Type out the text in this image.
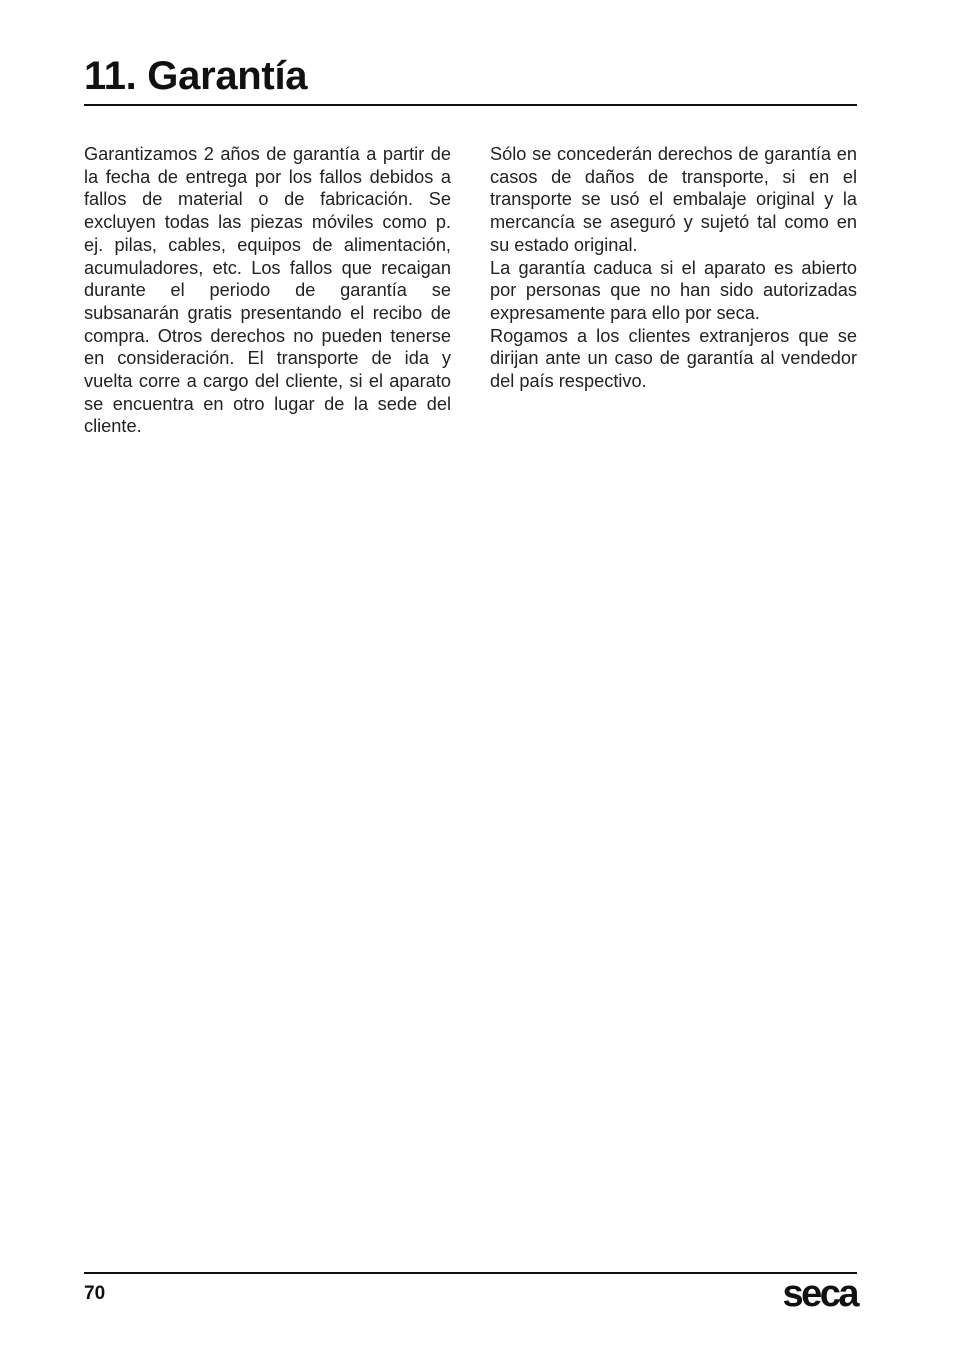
11. Garantía

Garantizamos 2 años de garantía a partir de la fecha de entrega por los fallos debidos a fallos de material o de fabricación. Se excluyen todas las piezas móviles como p. ej. pilas, cables, equipos de alimentación, acumuladores, etc. Los fallos que recaigan durante el periodo de garantía se subsanarán gratis presentando el recibo de compra. Otros derechos no pueden tenerse en consideración. El transporte de ida y vuelta corre a cargo del cliente, si el aparato se encuentra en otro lugar de la sede del cliente.

Sólo se concederán derechos de garantía en casos de daños de transporte, si en el transporte se usó el embalaje original y la mercancía se aseguró y sujetó tal como en su estado original.

La garantía caduca si el aparato es abierto por personas que no han sido autorizadas expresamente para ello por seca.

Rogamos a los clientes extranjeros que se dirijan ante un caso de garantía al vendedor del país respectivo.

70	seca
